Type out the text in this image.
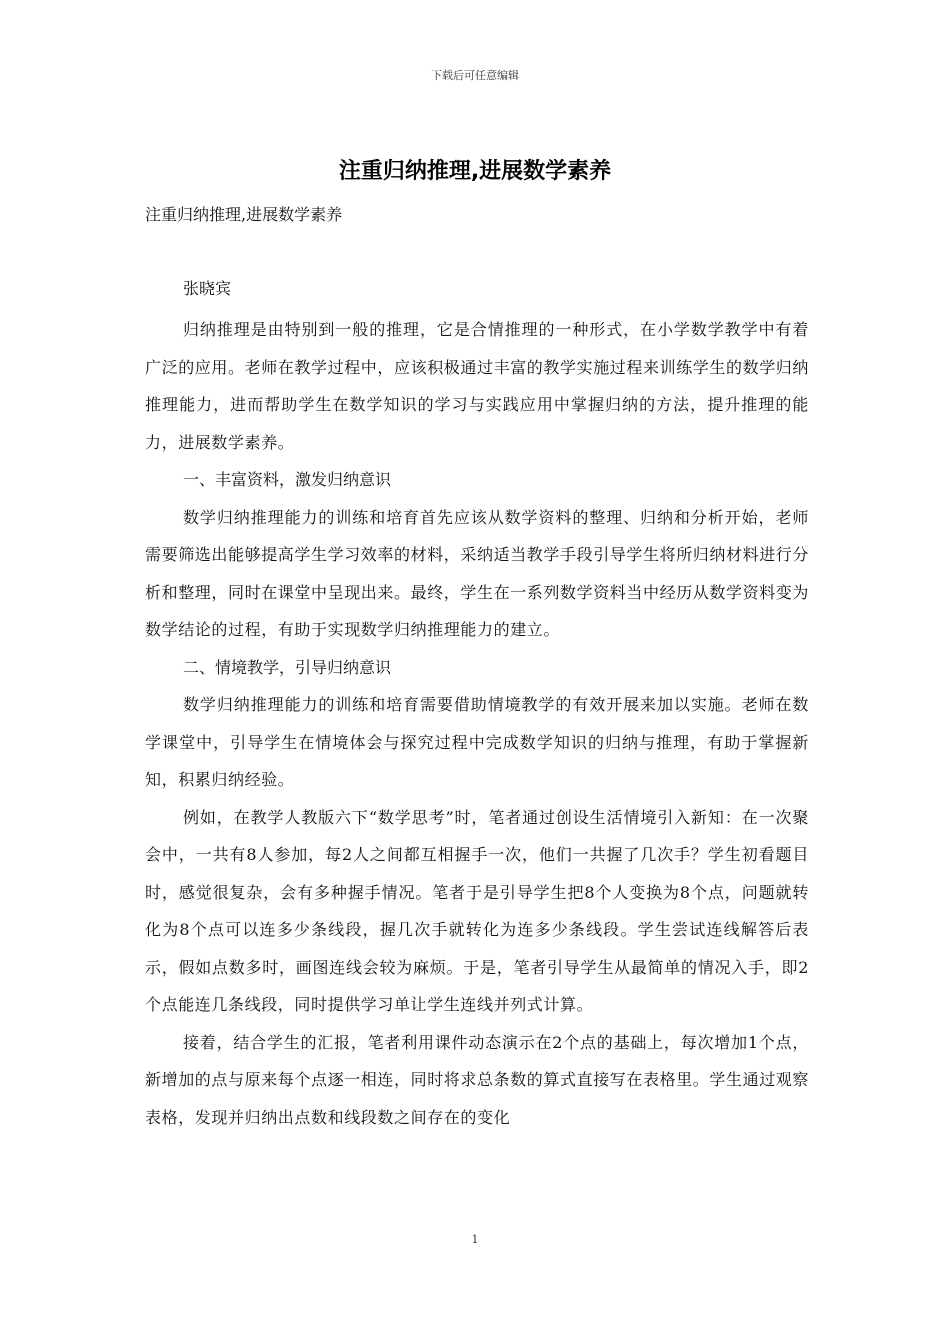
下载后可任意编辑
注重归纳推理,进展数学素养
注重归纳推理,进展数学素养
张晓宾

归纳推理是由特别到一般的推理，它是合情推理的一种形式，在小学数学教学中有着广泛的应用。老师在教学过程中，应该积极通过丰富的教学实施过程来训练学生的数学归纳推理能力，进而帮助学生在数学知识的学习与实践应用中掌握归纳的方法，提升推理的能力，进展数学素养。

一、丰富资料，激发归纳意识

数学归纳推理能力的训练和培育首先应该从数学资料的整理、归纳和分析开始，老师需要筛选出能够提高学生学习效率的材料，采纳适当教学手段引导学生将所归纳材料进行分析和整理，同时在课堂中呈现出来。最终，学生在一系列数学资料当中经历从数学资料变为数学结论的过程，有助于实现数学归纳推理能力的建立。

二、情境教学，引导归纳意识

数学归纳推理能力的训练和培育需要借助情境教学的有效开展来加以实施。老师在数学课堂中，引导学生在情境体会与探究过程中完成数学知识的归纳与推理，有助于掌握新知，积累归纳经验。

例如，在教学人教版六下“数学思考”时，笔者通过创设生活情境引入新知：在一次聚会中，一共有8人参加，每2人之间都互相握手一次，他们一共握了几次手？学生初看题目时，感觉很复杂，会有多种握手情况。笔者于是引导学生把8个人变换为8个点，问题就转化为8个点可以连多少条线段，握几次手就转化为连多少条线段。学生尝试连线解答后表示，假如点数多时，画图连线会较为麻烦。于是，笔者引导学生从最简单的情况入手，即2个点能连几条线段，同时提供学习单让学生连线并列式计算。

接着，结合学生的汇报，笔者利用课件动态演示在2个点的基础上，每次增加1个点，新增加的点与原来每个点逐一相连，同时将求总条数的算式直接写在表格里。学生通过观察表格，发现并归纳出点数和线段数之间存在的变化

1
